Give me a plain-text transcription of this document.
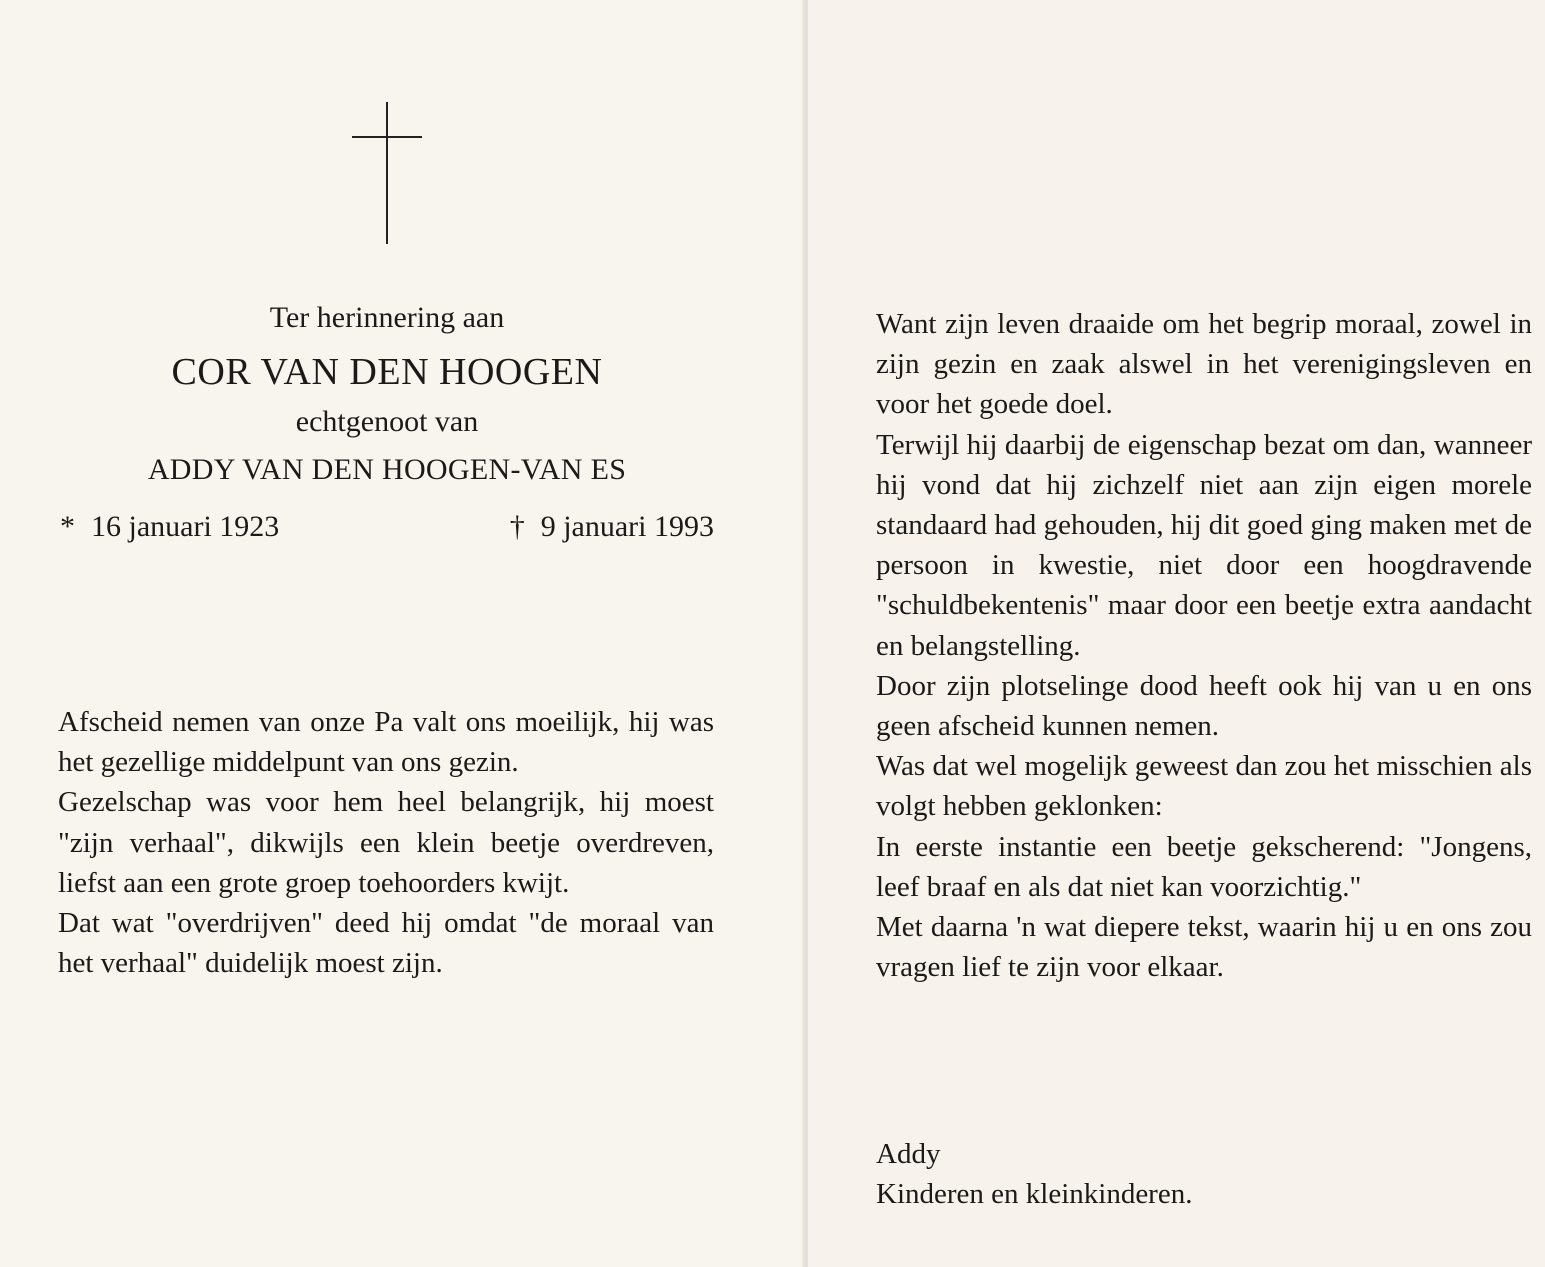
Ter herinnering aan
COR VAN DEN HOOGEN
echtgenoot van
ADDY VAN DEN HOOGEN-VAN ES
* 16 januari 1923	† 9 januari 1993

Afscheid nemen van onze Pa valt ons moeilijk, hij was het gezellige middelpunt van ons gezin.

Gezelschap was voor hem heel belangrijk, hij moest "zijn verhaal", dikwijls een klein beetje overdreven, liefst aan een grote groep toehoorders kwijt.

Dat wat "overdrijven" deed hij omdat "de moraal van het verhaal" duidelijk moest zijn.

Want zijn leven draaide om het begrip moraal, zowel in zijn gezin en zaak alswel in het verenigingsleven en voor het goede doel.

Terwijl hij daarbij de eigenschap bezat om dan, wanneer hij vond dat hij zichzelf niet aan zijn eigen morele standaard had gehouden, hij dit goed ging maken met de persoon in kwestie, niet door een hoogdravende "schuldbekentenis" maar door een beetje extra aandacht en belangstelling.

Door zijn plotselinge dood heeft ook hij van u en ons geen afscheid kunnen nemen.

Was dat wel mogelijk geweest dan zou het misschien als volgt hebben geklonken:

In eerste instantie een beetje gekscherend: "Jongens, leef braaf en als dat niet kan voorzichtig."

Met daarna 'n wat diepere tekst, waarin hij u en ons zou vragen lief te zijn voor elkaar.

Addy
Kinderen en kleinkinderen.
